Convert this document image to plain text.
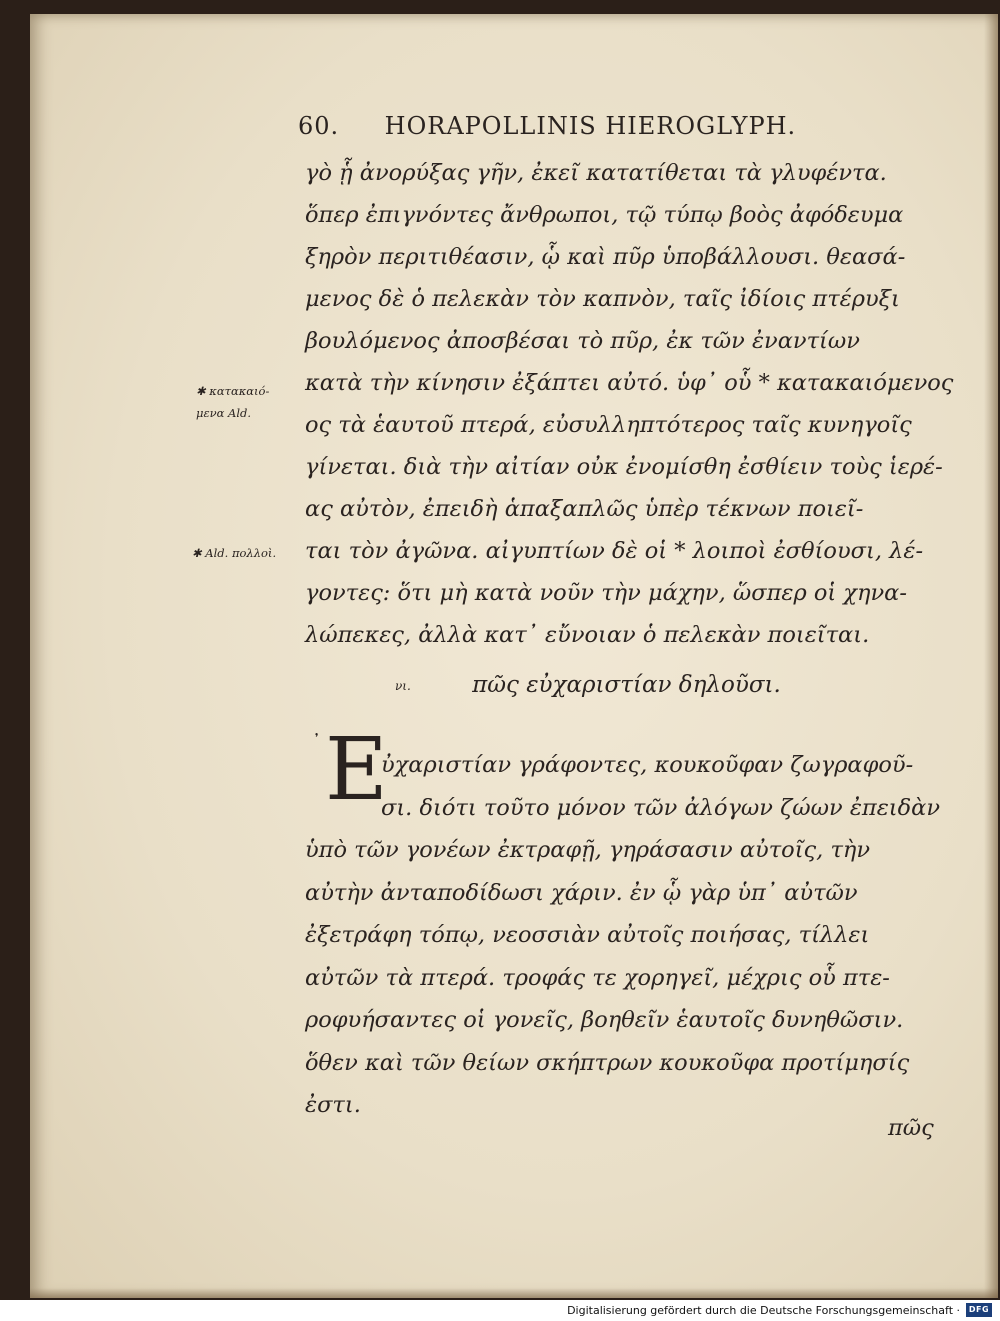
60. HORAPOLLINIS HIEROGLYPH.
γὸ ᾗ ἀνορύξας γῆν, ἐκεῖ κατατίθεται τὰ γλυφέντα.
ὅπερ ἐπιγνόντες ἄνθρωποι, τῷ τύπῳ βοὸς ἀφόδευμα
ξηρὸν περιτιθέασιν, ᾧ καὶ πῦρ ὑποβάλλουσι. θεασά-
μενος δὲ ὁ πελεκὰν τὸν καπνὸν, ταῖς ἰδίοις πτέρυξι
βουλόμενος ἀποσβέσαι τὸ πῦρ, ἐκ τῶν ἐναντίων
κατὰ τὴν κίνησιν ἐξάπτει αὐτό. ὑφ᾽ οὗ * κατακαιόμενος
ος τὰ ἑαυτοῦ πτερά, εὐσυλληπτότερος ταῖς κυνηγοῖς
γίνεται. διὰ τὴν αἰτίαν οὐκ ἐνομίσθη ἐσθίειν τοὺς ἱερέ-
ας αὐτὸν, ἐπειδὴ ἁπαξαπλῶς ὑπὲρ τέκνων ποιεῖ-
ται τὸν ἀγῶνα. αἰγυπτίων δὲ οἱ * λοιποὶ ἐσθίουσι, λέ-
γοντες: ὅτι μὴ κατὰ νοῦν τὴν μάχην, ὥσπερ οἱ χηνα-
λώπεκες, ἀλλὰ κατ᾽ εὔνοιαν ὁ πελεκὰν ποιεῖται.
✱ κατακαιό-
μενα Ald.
✱ Ald. πολλοὶ.
νι.	πῶς εὐχαριστίαν δηλοῦσι.
᾽ E
ὐχαριστίαν γράφοντες, κουκοῦφαν ζωγραφοῦ-
σι. διότι τοῦτο μόνον τῶν ἀλόγων ζώων ἐπειδὰν
ὑπὸ τῶν γονέων ἐκτραφῇ, γηράσασιν αὐτοῖς, τὴν
αὐτὴν ἀνταποδίδωσι χάριν. ἐν ᾧ γὰρ ὑπ᾽ αὐτῶν
ἐξετράφη τόπῳ, νεοσσιὰν αὐτοῖς ποιήσας, τίλλει
αὐτῶν τὰ πτερά. τροφάς τε χορηγεῖ, μέχρις οὗ πτε-
ροφυήσαντες οἱ γονεῖς, βοηθεῖν ἑαυτοῖς δυνηθῶσιν.
ὅθεν καὶ τῶν θείων σκήπτρων κουκοῦφα προτίμησίς
ἐστι.
πῶς
Digitalisierung gefördert durch die Deutsche Forschungsgemeinschaft ·	DFG
